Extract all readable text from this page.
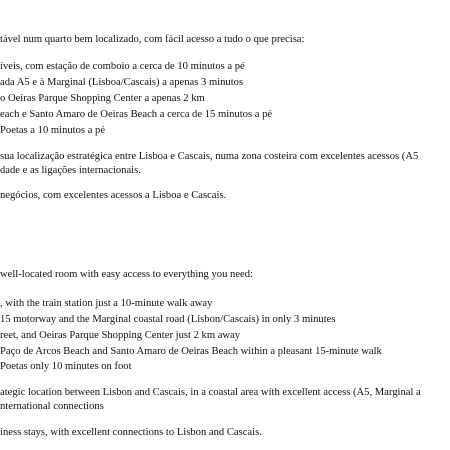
tável num quarto bem localizado, com fácil acesso a tudo o que precisa:
íveis, com estação de comboio a cerca de 10 minutos a pé
ada A5 e à Marginal (Lisboa/Cascais) a apenas 3 minutos
o Oeiras Parque Shopping Center a apenas 2 km
each e Santo Amaro de Oeiras Beach a cerca de 15 minutos a pé
Poetas a 10 minutos a pé
sua localização estratégica entre Lisboa e Cascais, numa zona costeira com excelentes acessos (A5
dade e as ligações internacionais.
negócios, com excelentes acessos a Lisboa e Cascais.
well-located room with easy access to everything you need:
, with the train station just a 10-minute walk away
15 motorway and the Marginal coastal road (Lisbon/Cascais) in only 3 minutes
reet, and Oeiras Parque Shopping Center just 2 km away
Paço de Arcos Beach and Santo Amaro de Oeiras Beach within a pleasant 15-minute walk
Poetas only 10 minutes on foot
ategic location between Lisbon and Cascais, in a coastal area with excellent access (A5, Marginal a
nternational connections
iness stays, with excellent connections to Lisbon and Cascais.
